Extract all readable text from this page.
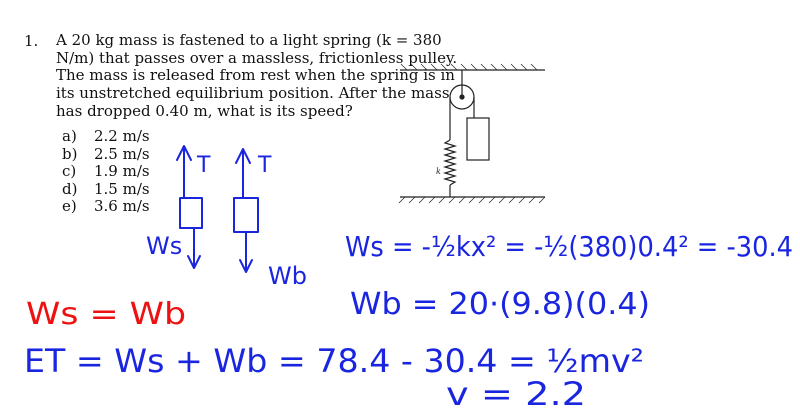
1. A 20 kg mass is fastened to a light spring (k = 380
N/m) that passes over a massless, frictionless pulley.
The mass is released from rest when the spring is in
its unstretched equilibrium position. After the mass
has dropped 0.40 m, what is its speed?
a) 2.2 m/s
b) 2.5 m/s
c) 1.9 m/s
d) 1.5 m/s
e) 3.6 m/s
k
T T
Ws
Wb
Ws = -½kx² = -½(380)0.4² = -30.4
Wb = 20·(9.8)(0.4)
ET = Ws + Wb = 78.4 - 30.4 = ½mv²
v = 2.2
Ws = Wb
